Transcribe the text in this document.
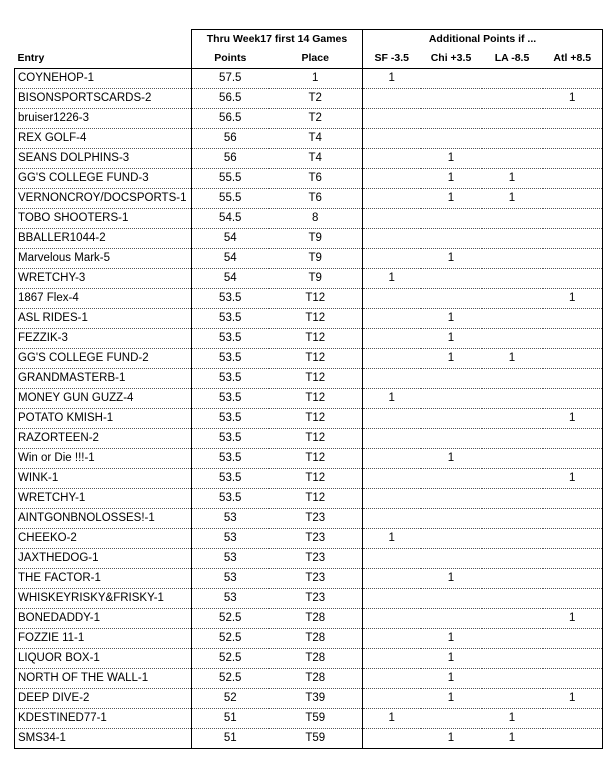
	Thru Week17 first 14 Games		Additional Points if ...			
Entry	Points	Place	SF -3.5	Chi +3.5	LA -8.5	Atl +8.5
COYNEHOP-1	57.5	1	1			
BISONSPORTSCARDS-2	56.5	T2				1
bruiser1226-3	56.5	T2				
REX GOLF-4	56	T4				
SEANS DOLPHINS-3	56	T4		1		
GG'S COLLEGE FUND-3	55.5	T6		1	1	
VERNONCROY/DOCSPORTS-1	55.5	T6		1	1	
TOBO SHOOTERS-1	54.5	8				
BBALLER1044-2	54	T9				
Marvelous Mark-5	54	T9		1		
WRETCHY-3	54	T9	1			
1867 Flex-4	53.5	T12				1
ASL RIDES-1	53.5	T12		1		
FEZZIK-3	53.5	T12		1		
GG'S COLLEGE FUND-2	53.5	T12		1	1	
GRANDMASTERB-1	53.5	T12				
MONEY GUN GUZZ-4	53.5	T12	1			
POTATO KMISH-1	53.5	T12				1
RAZORTEEN-2	53.5	T12				
Win or Die !!!-1	53.5	T12		1		
WINK-1	53.5	T12				1
WRETCHY-1	53.5	T12				
AINTGONBNOLOSSES!-1	53	T23				
CHEEKO-2	53	T23	1			
JAXTHEDOG-1	53	T23				
THE FACTOR-1	53	T23		1		
WHISKEYRISKY&FRISKY-1	53	T23				
BONEDADDY-1	52.5	T28				1
FOZZIE 11-1	52.5	T28		1		
LIQUOR BOX-1	52.5	T28		1		
NORTH OF THE WALL-1	52.5	T28		1		
DEEP DIVE-2	52	T39		1		1
KDESTINED77-1	51	T59	1		1	
SMS34-1	51	T59		1	1	
